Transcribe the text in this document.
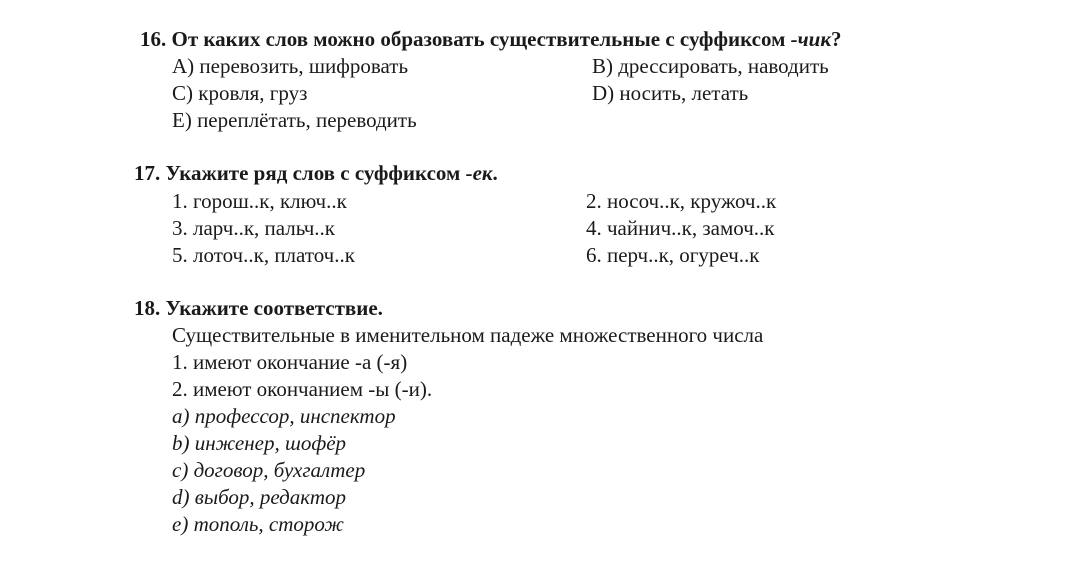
16. От каких слов можно образовать существительные с суффиксом -чик?
А) перевозить, шифровать	В) дрессировать, наводить
С) кровля, груз	D) носить, летать
Е) переплётать, переводить
17. Укажите ряд слов с суффиксом -ек.
1. горош..к, ключ..к	2. носоч..к, кружоч..к
3. ларч..к, пальч..к	4. чайнич..к, замоч..к
5. лоточ..к, платоч..к	6. перч..к, огуреч..к
18. Укажите соответствие.
Существительные в именительном падеже множественного числа
1. имеют окончание -а (-я)
2. имеют окончанием -ы (-и).
a) профессор, инспектор
b) инженер, шофёр
c) договор, бухгалтер
d) выбор, редактор
e) тополь, сторож
